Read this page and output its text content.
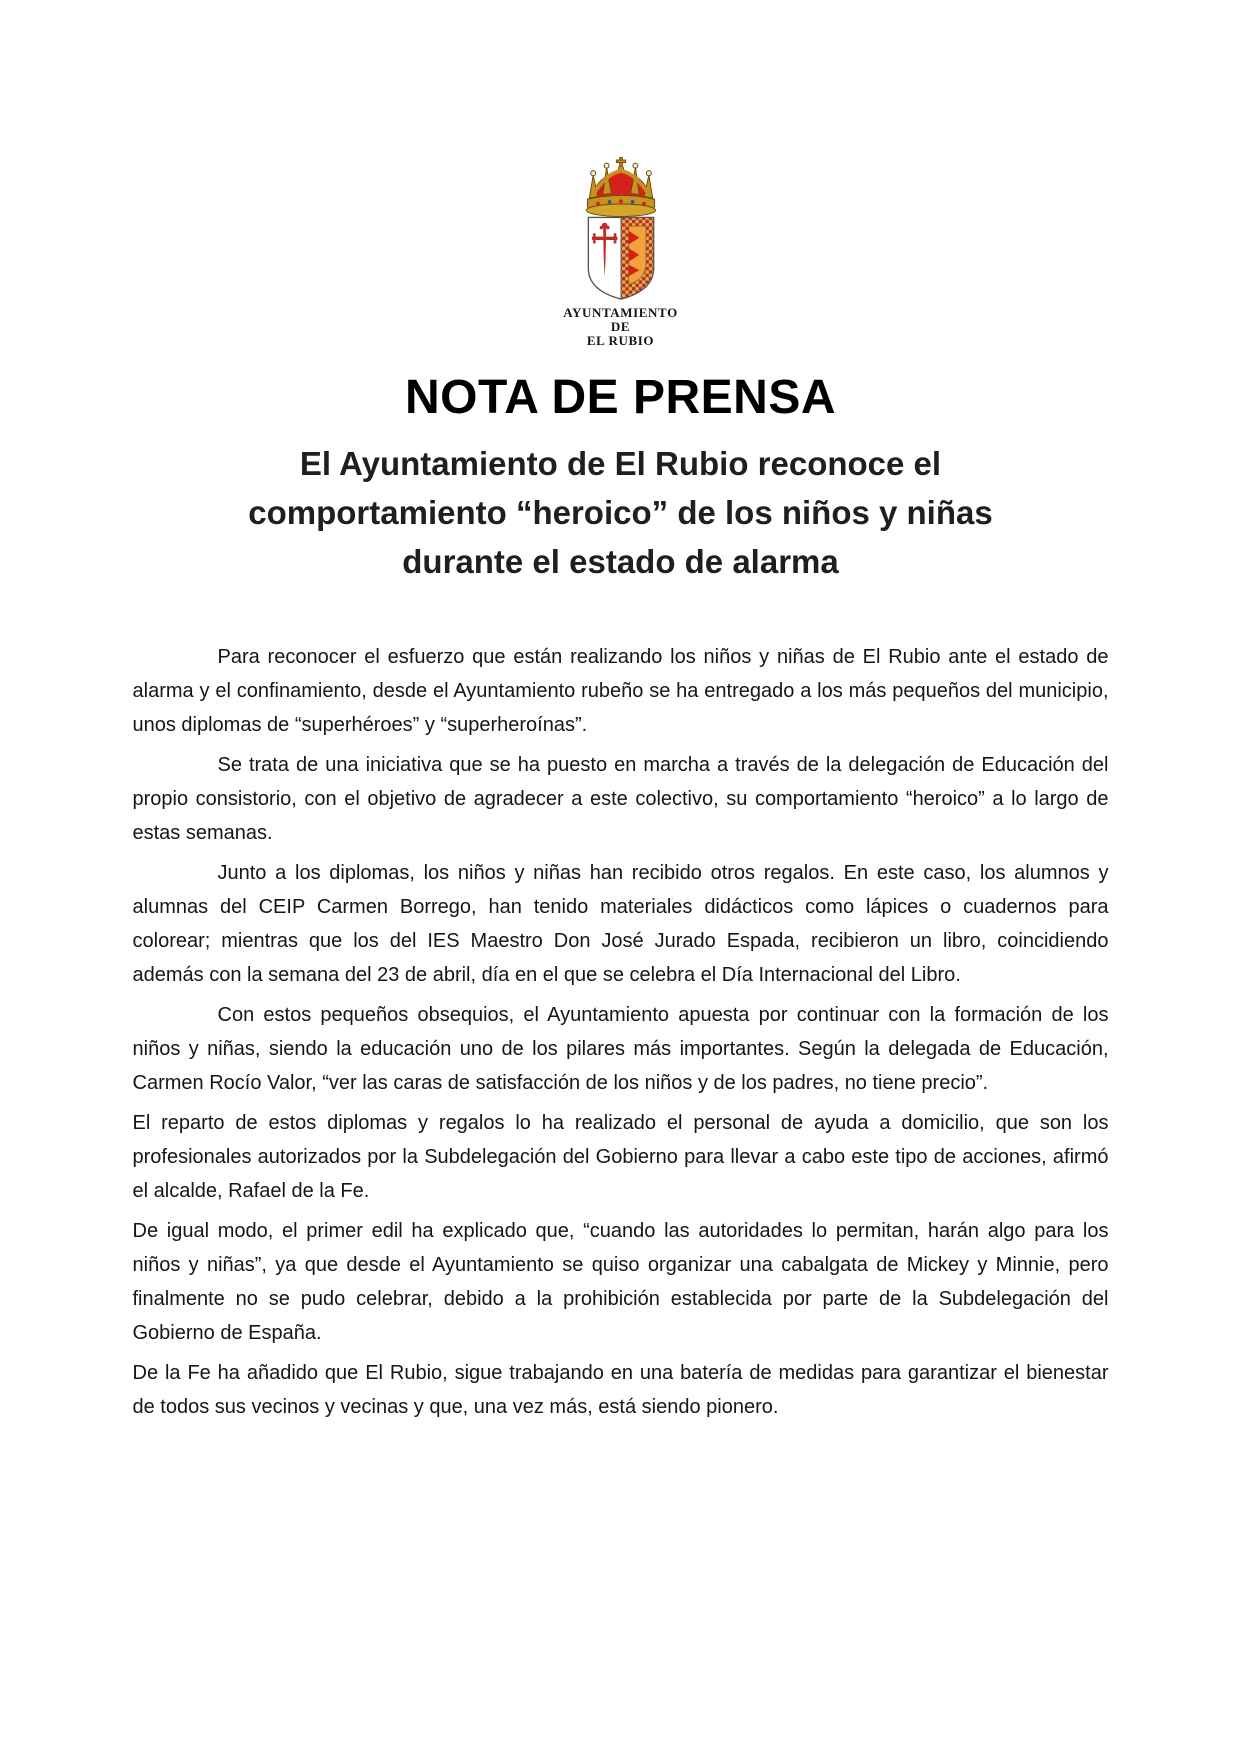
AYUNTAMIENTO
DE
EL RUBIO
NOTA DE PRENSA
El Ayuntamiento de El Rubio reconoce el
comportamiento “heroico” de los niños y niñas
durante el estado de alarma

Para reconocer el esfuerzo que están realizando los niños y niñas de El Rubio ante el estado de alarma y el confinamiento, desde el Ayuntamiento rubeño se ha entregado a los más pequeños del municipio, unos diplomas de “superhéroes” y “superheroínas”.

Se trata de una iniciativa que se ha puesto en marcha a través de la delegación de Educación del propio consistorio, con el objetivo de agradecer a este colectivo, su comportamiento “heroico” a lo largo de estas semanas.

Junto a los diplomas, los niños y niñas han recibido otros regalos. En este caso, los alumnos y alumnas del CEIP Carmen Borrego, han tenido materiales didácticos como lápices o cuadernos para colorear; mientras que los del IES Maestro Don José Jurado Espada, recibieron un libro, coincidiendo además con la semana del 23 de abril, día en el que se celebra el Día Internacional del Libro.

Con estos pequeños obsequios, el Ayuntamiento apuesta por continuar con la formación de los niños y niñas, siendo la educación uno de los pilares más importantes. Según la delegada de Educación, Carmen Rocío Valor, “ver las caras de satisfacción de los niños y de los padres, no tiene precio”.

El reparto de estos diplomas y regalos lo ha realizado el personal de ayuda a domicilio, que son los profesionales autorizados por la Subdelegación del Gobierno para llevar a cabo este tipo de acciones, afirmó el alcalde, Rafael de la Fe.

De igual modo, el primer edil ha explicado que, “cuando las autoridades lo permitan, harán algo para los niños y niñas”, ya que desde el Ayuntamiento se quiso organizar una cabalgata de Mickey y Minnie, pero finalmente no se pudo celebrar, debido a la prohibición establecida por parte de la Subdelegación del Gobierno de España.

De la Fe ha añadido que El Rubio, sigue trabajando en una batería de medidas para garantizar el bienestar de todos sus vecinos y vecinas y que, una vez más, está siendo pionero.
